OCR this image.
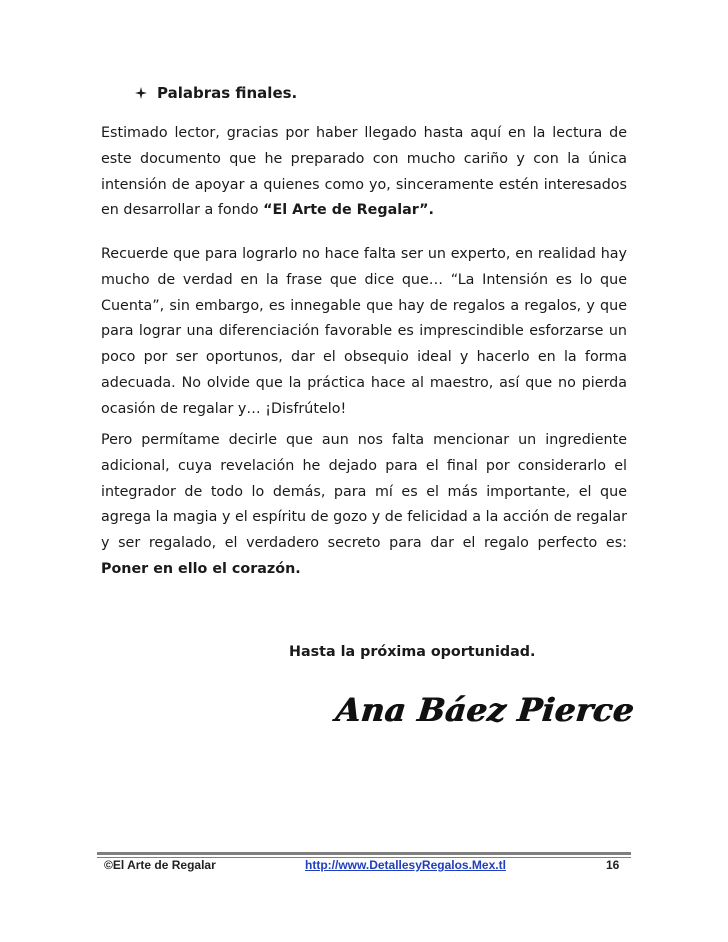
Palabras finales.

Estimado lector, gracias por haber llegado hasta aquí en la lectura de este documento que he preparado con mucho cariño y con la única intensión de apoyar a quienes como yo, sinceramente estén interesados en desarrollar a fondo “El Arte de Regalar”.

Recuerde que para lograrlo no hace falta ser un experto, en realidad hay mucho de verdad en la frase que dice que… “La Intensión es lo que Cuenta”, sin embargo, es innegable que hay de regalos a regalos, y que para lograr una diferenciación favorable es imprescindible esforzarse un poco por ser oportunos, dar el obsequio ideal y hacerlo en la forma adecuada. No olvide que la práctica hace al maestro, así que no pierda ocasión de regalar y… ¡Disfrútelo!

Pero permítame decirle que aun nos falta mencionar un ingrediente adicional, cuya revelación he dejado para el final por considerarlo el integrador de todo lo demás, para mí es el más importante, el que agrega la magia y el espíritu de gozo y de felicidad a la acción de regalar y ser regalado, el verdadero secreto para dar el regalo perfecto es: Poner en ello el corazón.

Hasta la próxima oportunidad.
Ana Báez Pierce
©El Arte de Regalar	http://www.DetallesyRegalos.Mex.tl	16
